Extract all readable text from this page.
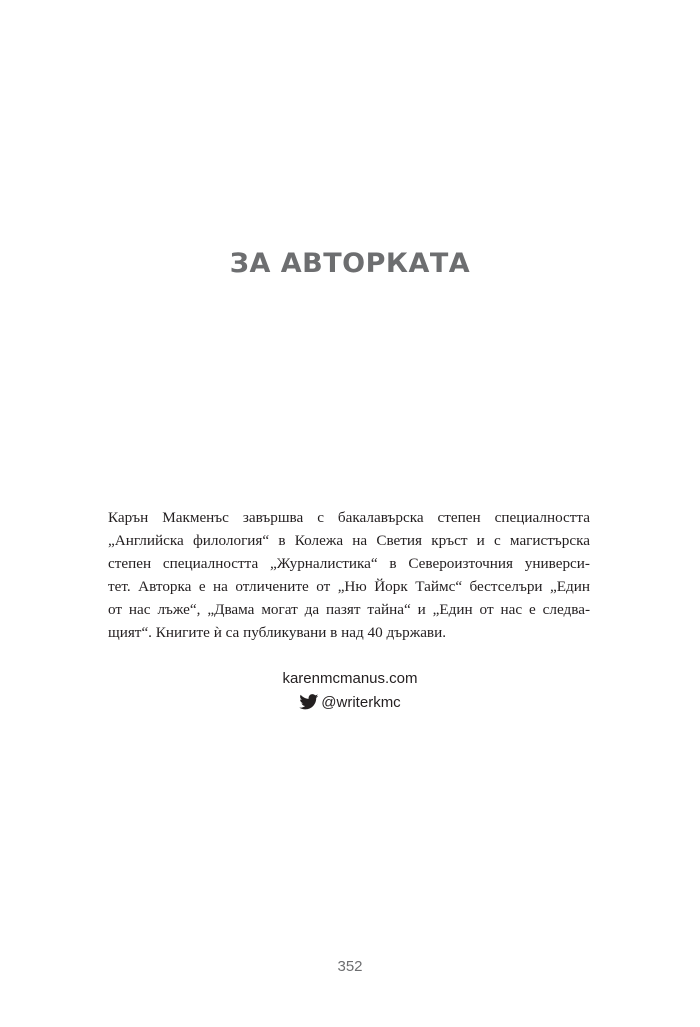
ЗА АВТОРКАТА
Карън Макменъс завършва с бакалавърска степен специалността
„Английска филология“ в Колежа на Светия кръст и с магистърска
степен специалността „Журналистика“ в Североизточния универси-
тет. Авторка е на отличените от „Ню Йорк Таймс“ бестселъри „Един
от нас лъже“, „Двама могат да пазят тайна“ и „Един от нас е следва-
щият“. Книгите ѝ са публикувани в над 40 държави.
karenmcmanus.com
@writerkmc
352
